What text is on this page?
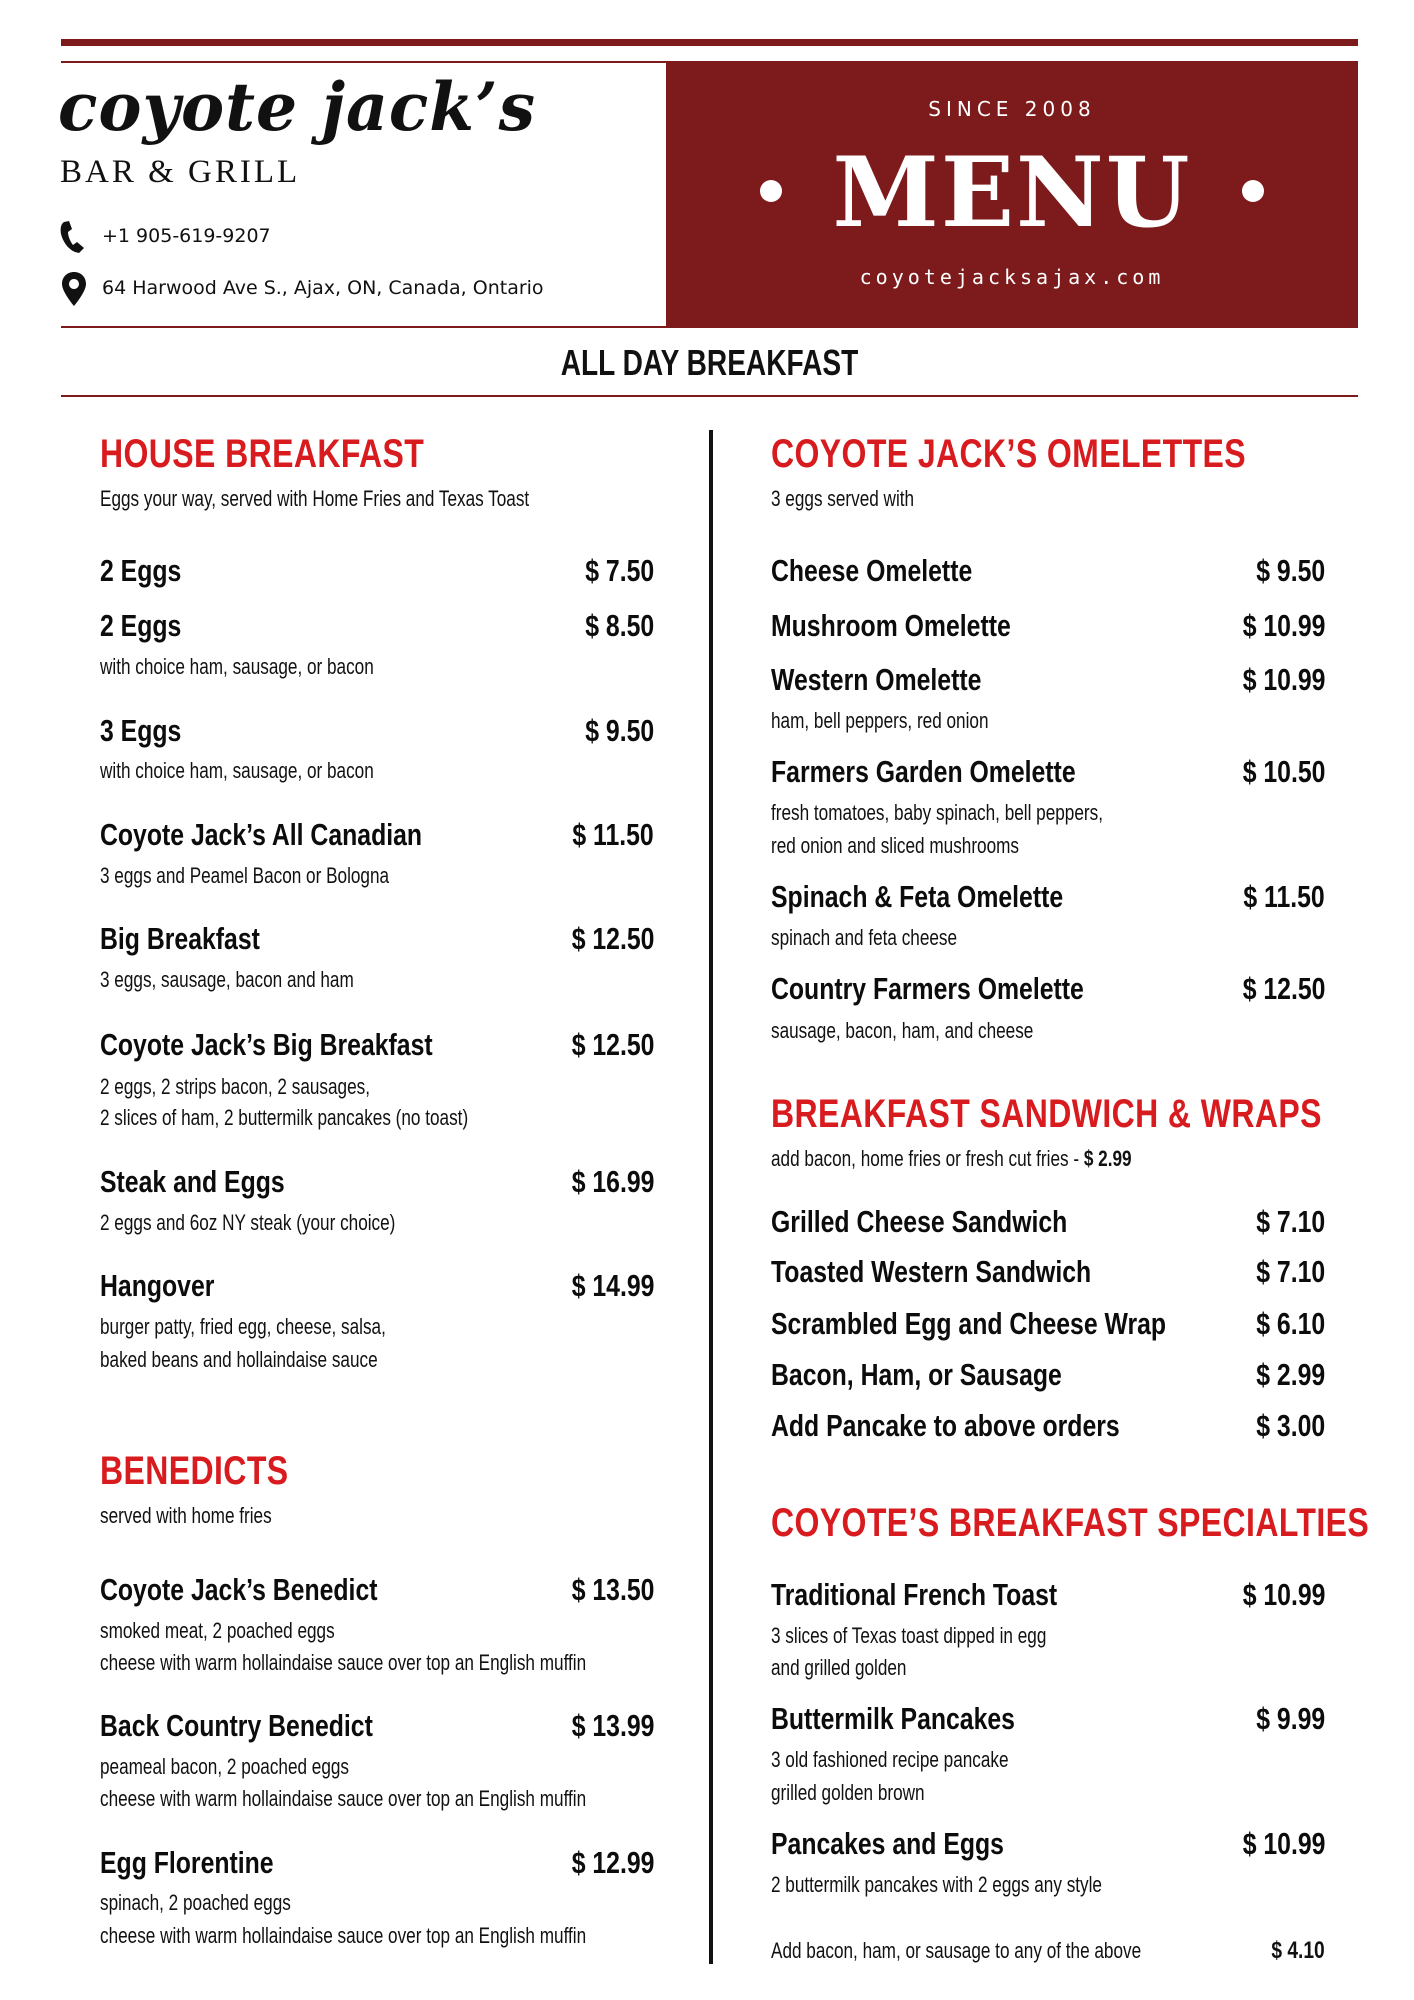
coyote jack’s
BAR & GRILL
+1 905-619-9207
64 Harwood Ave S., Ajax, ON, Canada, Ontario
SINCE 2008
MENU
coyotejacksajax.com
ALL DAY BREAKFAST
HOUSE BREAKFAST
Eggs your way, served with Home Fries and Texas Toast
2 Eggs	$ 7.50
2 Eggs	$ 8.50
with choice ham, sausage, or bacon
3 Eggs	$ 9.50
with choice ham, sausage, or bacon
Coyote Jack’s All Canadian	$ 11.50
3 eggs and Peamel Bacon or Bologna
Big Breakfast	$ 12.50
3 eggs, sausage, bacon and ham
Coyote Jack’s Big Breakfast	$ 12.50
2 eggs, 2 strips bacon, 2 sausages,
2 slices of ham, 2 buttermilk pancakes (no toast)
Steak and Eggs	$ 16.99
2 eggs and 6oz NY steak (your choice)
Hangover	$ 14.99
burger patty, fried egg, cheese, salsa,
baked beans and hollaindaise sauce
BENEDICTS
served with home fries
Coyote Jack’s Benedict	$ 13.50
smoked meat, 2 poached eggs
cheese with warm hollaindaise sauce over top an English muffin
Back Country Benedict	$ 13.99
peameal bacon, 2 poached eggs
cheese with warm hollaindaise sauce over top an English muffin
Egg Florentine	$ 12.99
spinach, 2 poached eggs
cheese with warm hollaindaise sauce over top an English muffin
COYOTE JACK’S OMELETTES
3 eggs served with
Cheese Omelette	$ 9.50
Mushroom Omelette	$ 10.99
Western Omelette	$ 10.99
ham, bell peppers, red onion
Farmers Garden Omelette	$ 10.50
fresh tomatoes, baby spinach, bell peppers,
red onion and sliced mushrooms
Spinach & Feta Omelette	$ 11.50
spinach and feta cheese
Country Farmers Omelette	$ 12.50
sausage, bacon, ham, and cheese
BREAKFAST SANDWICH & WRAPS
add bacon, home fries or fresh cut fries - $ 2.99
Grilled Cheese Sandwich	$ 7.10
Toasted Western Sandwich	$ 7.10
Scrambled Egg and Cheese Wrap	$ 6.10
Bacon, Ham, or Sausage	$ 2.99
Add Pancake to above orders	$ 3.00
COYOTE’S BREAKFAST SPECIALTIES
Traditional French Toast	$ 10.99
3 slices of Texas toast dipped in egg
and grilled golden
Buttermilk Pancakes	$ 9.99
3 old fashioned recipe pancake
grilled golden brown
Pancakes and Eggs	$ 10.99
2 buttermilk pancakes with 2 eggs any style
Add bacon, ham, or sausage to any of the above	$ 4.10
